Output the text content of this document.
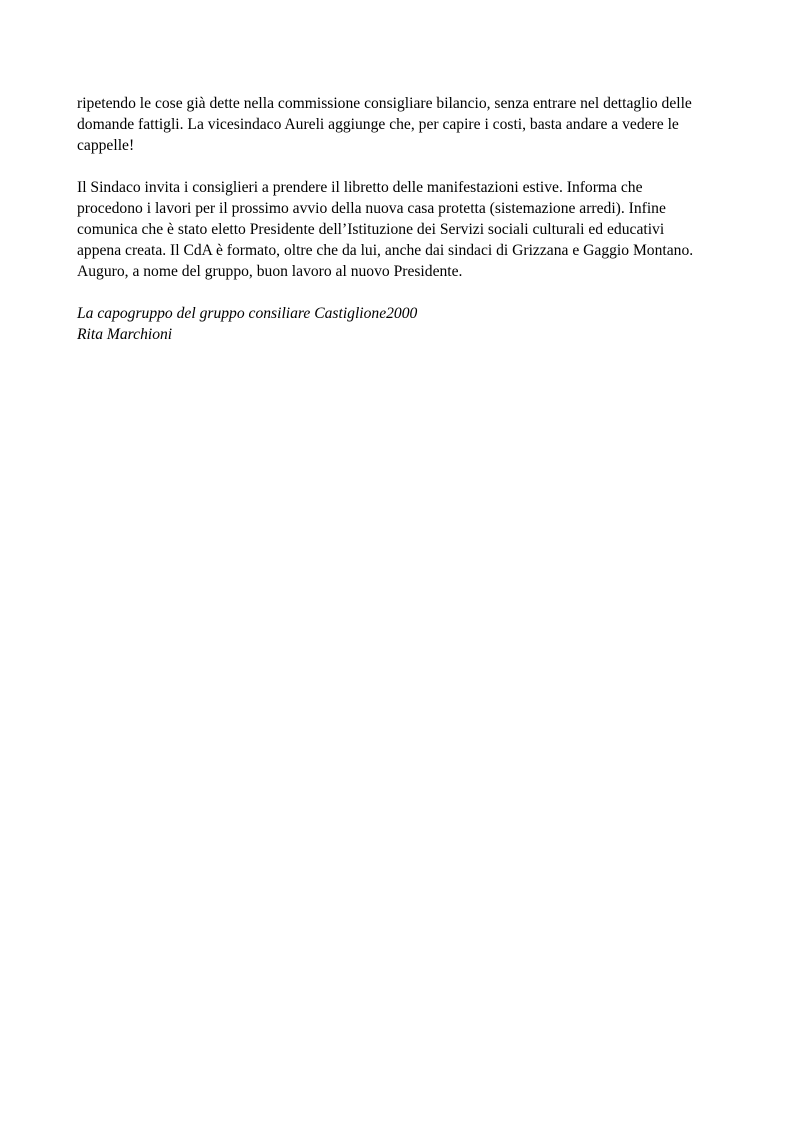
ripetendo le cose già dette nella commissione consigliare bilancio, senza entrare nel dettaglio delle
domande fattigli. La vicesindaco Aureli aggiunge che, per capire i costi, basta andare a vedere le
cappelle!

Il Sindaco invita i consiglieri a prendere il libretto delle manifestazioni estive. Informa che
procedono i lavori per il prossimo avvio della nuova casa protetta (sistemazione arredi). Infine
comunica che è stato eletto Presidente dell’Istituzione dei Servizi sociali culturali ed educativi
appena creata. Il CdA è formato, oltre che da lui, anche dai sindaci di Grizzana e Gaggio Montano.
Auguro, a nome del gruppo, buon lavoro al nuovo Presidente.

La capogruppo del gruppo consiliare Castiglione2000
Rita Marchioni
